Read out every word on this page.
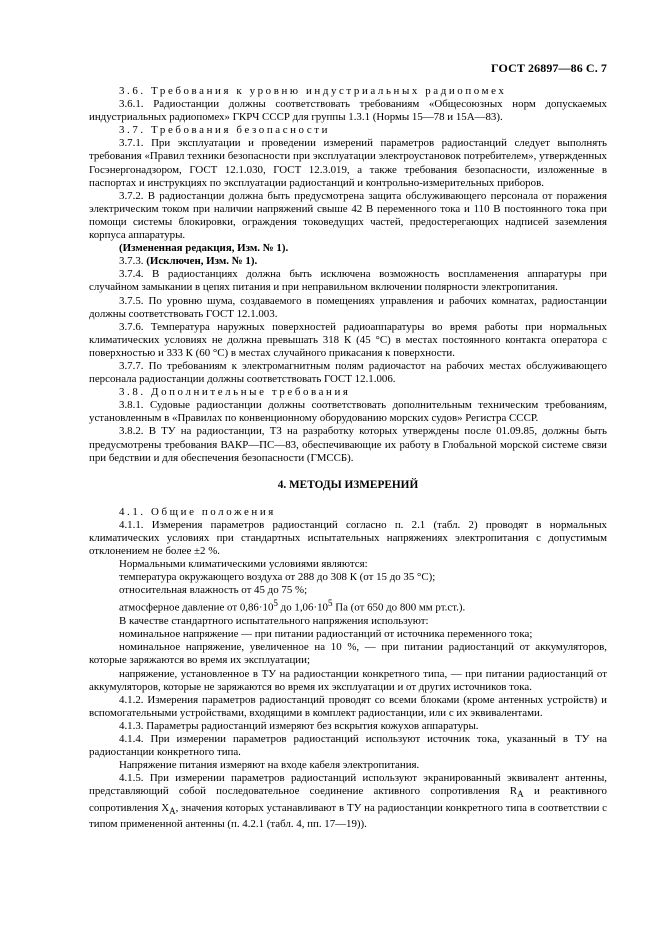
ГОСТ 26897—86 С. 7

3.6. Требования к уровню индустриальных радиопомех

3.6.1. Радиостанции должны соответствовать требованиям «Общесоюзных норм допускаемых индустриальных радиопомех» ГКРЧ СССР для группы 1.3.1 (Нормы 15—78 и 15А—83).

3.7. Требования безопасности

3.7.1. При эксплуатации и проведении измерений параметров радиостанций следует выполнять требования «Правил техники безопасности при эксплуатации электроустановок потребителем», утвержденных Госэнергонадзором, ГОСТ 12.1.030, ГОСТ 12.3.019, а также требования безопасности, изложенные в паспортах и инструкциях по эксплуатации радиостанций и контрольно-измерительных приборов.

3.7.2. В радиостанции должна быть предусмотрена защита обслуживающего персонала от поражения электрическим током при наличии напряжений свыше 42 В переменного тока и 110 В постоянного тока при помощи системы блокировки, ограждения токоведущих частей, предостерегающих надписей заземления корпуса аппаратуры.

(Измененная редакция, Изм. № 1).

3.7.3. (Исключен, Изм. № 1).

3.7.4. В радиостанциях должна быть исключена возможность воспламенения аппаратуры при случайном замыкании в цепях питания и при неправильном включении полярности электропитания.

3.7.5. По уровню шума, создаваемого в помещениях управления и рабочих комнатах, радиостанции должны соответствовать ГОСТ 12.1.003.

3.7.6. Температура наружных поверхностей радиоаппаратуры во время работы при нормальных климатических условиях не должна превышать 318 К (45 °С) в местах постоянного контакта оператора с поверхностью и 333 К (60 °С) в местах случайного прикасания к поверхности.

3.7.7. По требованиям к электромагнитным полям радиочастот на рабочих местах обслуживающего персонала радиостанции должны соответствовать ГОСТ 12.1.006.

3.8. Дополнительные требования

3.8.1. Судовые радиостанции должны соответствовать дополнительным техническим требованиям, установленным в «Правилах по конвенционному оборудованию морских судов» Регистра СССР.

3.8.2. В ТУ на радиостанции, ТЗ на разработку которых утверждены после 01.09.85, должны быть предусмотрены требования ВАКР—ПС—83, обеспечивающие их работу в Глобальной морской системе связи при бедствии и для обеспечения безопасности (ГМССБ).

4. МЕТОДЫ ИЗМЕРЕНИЙ

4.1. Общие положения

4.1.1. Измерения параметров радиостанций согласно п. 2.1 (табл. 2) проводят в нормальных климатических условиях при стандартных испытательных напряжениях электропитания с допустимым отклонением не более ±2 %.

Нормальными климатическими условиями являются:

температура окружающего воздуха от 288 до 308 К (от 15 до 35 °С);

относительная влажность от 45 до 75 %;

атмосферное давление от $0,86\cdot 10^5$ до $1,06\cdot 10^5$ Па (от 650 до 800 мм рт.ст.).

В качестве стандартного испытательного напряжения используют:

номинальное напряжение — при питании радиостанций от источника переменного тока;

номинальное напряжение, увеличенное на 10 %, — при питании радиостанций от аккумуляторов, которые заряжаются во время их эксплуатации;

напряжение, установленное в ТУ на радиостанции конкретного типа, — при питании радиостанций от аккумуляторов, которые не заряжаются во время их эксплуатации и от других источников тока.

4.1.2. Измерения параметров радиостанций проводят со всеми блоками (кроме антенных устройств) и вспомогательными устройствами, входящими в комплект радиостанции, или с их эквивалентами.

4.1.3. Параметры радиостанций измеряют без вскрытия кожухов аппаратуры.

4.1.4. При измерении параметров радиостанций используют источник тока, указанный в ТУ на радиостанции конкретного типа.

Напряжение питания измеряют на входе кабеля электропитания.

4.1.5. При измерении параметров радиостанций используют экранированный эквивалент антенны, представляющий собой последовательное соединение активного сопротивления $R_A$ и реактивного сопротивления $X_A$, значения которых устанавливают в ТУ на радиостанции конкретного типа в соответствии с типом примененной антенны (п. 4.2.1 (табл. 4, пп. 17—19)).
